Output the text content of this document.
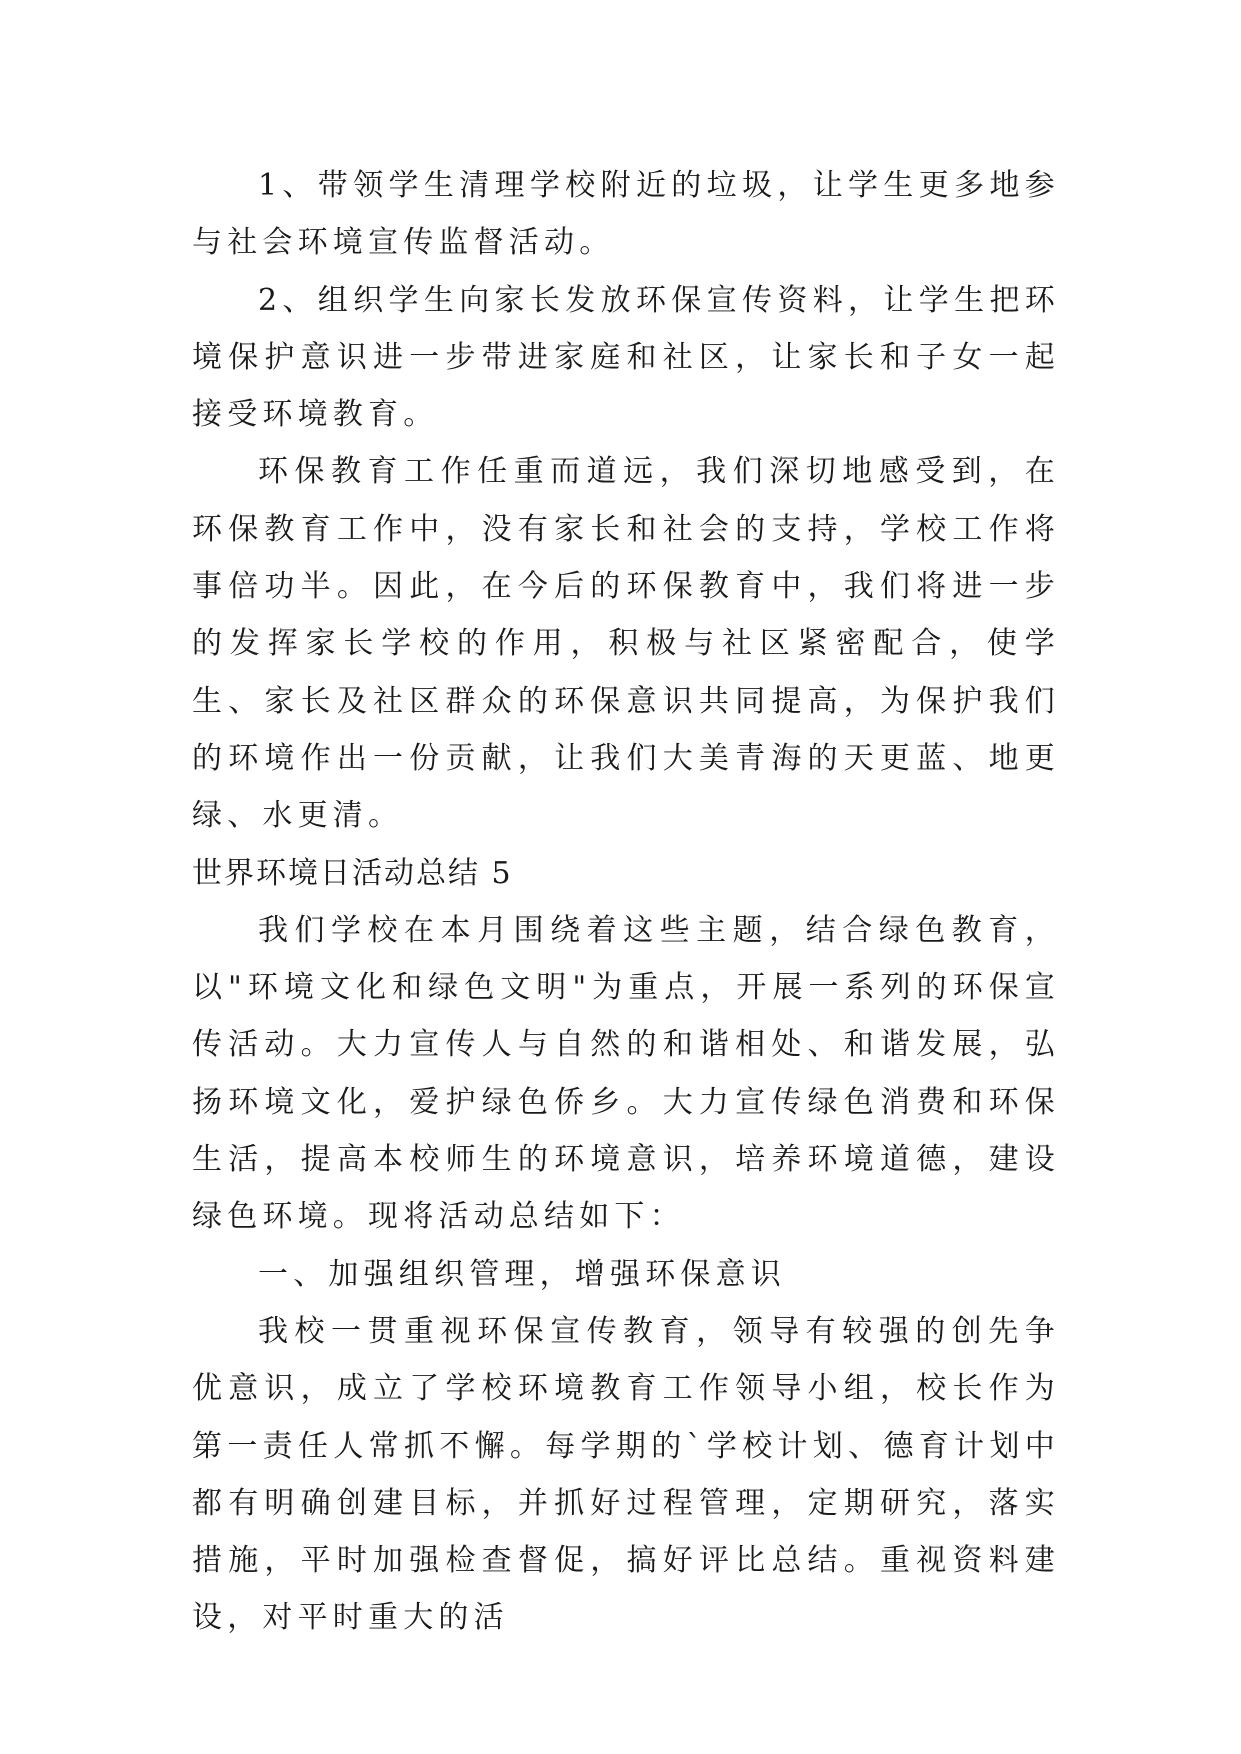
1、带领学生清理学校附近的垃圾，让学生更多地参与社会环境宣传监督活动。

2、组织学生向家长发放环保宣传资料，让学生把环境保护意识进一步带进家庭和社区，让家长和子女一起接受环境教育。

环保教育工作任重而道远，我们深切地感受到，在环保教育工作中，没有家长和社会的支持，学校工作将事倍功半。因此，在今后的环保教育中，我们将进一步的发挥家长学校的作用，积极与社区紧密配合，使学生、家长及社区群众的环保意识共同提高，为保护我们的环境作出一份贡献，让我们大美青海的天更蓝、地更绿、水更清。

世界环境日活动总结 5

我们学校在本月围绕着这些主题，结合绿色教育，以"环境文化和绿色文明"为重点，开展一系列的环保宣传活动。大力宣传人与自然的和谐相处、和谐发展，弘扬环境文化，爱护绿色侨乡。大力宣传绿色消费和环保生活，提高本校师生的环境意识，培养环境道德，建设绿色环境。现将活动总结如下：

一、加强组织管理，增强环保意识

我校一贯重视环保宣传教育，领导有较强的创先争优意识，成立了学校环境教育工作领导小组，校长作为第一责任人常抓不懈。每学期的`学校计划、德育计划中都有明确创建目标，并抓好过程管理，定期研究，落实措施，平时加强检查督促，搞好评比总结。重视资料建设，对平时重大的活
